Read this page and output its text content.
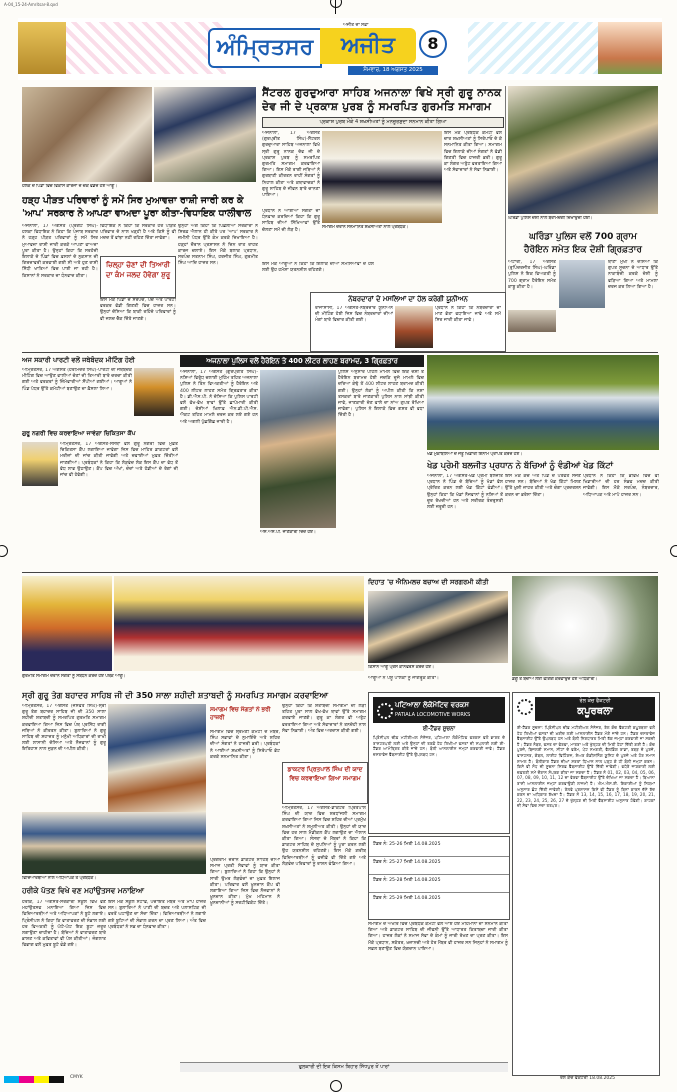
A-04_15-24-Amritsar-8.qxd
ਅੰਮ੍ਰਿਤਸਰ	ਅਜੀਤ
ਅਜੀਤ ਦਾ ਸਫ਼ਾ
ਸੋਮਵਾਰ, 18 ਅਗਸਤ 2025
8
ਹਲਕੇ ਦੇ ਪਿੰਡਾਂ ਵਿਚ ਵਿਕਾਸ ਕਾਰਜਾਂ ਦੇ ਚੈੱਕ ਵੰਡਦੇ ਹੋਏ ਆਗੂ।
ਸੈਂਟਰਲ ਗੁਰਦੁਆਰਾ ਸਾਹਿਬ ਅਜਨਾਲਾ ਵਿਖੇ ਸ੍ਰੀ ਗੁਰੂ ਨਾਨਕ
ਦੇਵ ਜੀ ਦੇ ਪ੍ਰਕਾਸ਼ ਪੁਰਬ ਨੂੰ ਸਮਰਪਿਤ ਗੁਰਮਤਿ ਸਮਾਗਮ
ਪ੍ਰਕਾਸ਼ ਪੁਰਬ ਮੌਕੇ 4 ਸ਼ਖ਼ਸੀਅਤਾਂ ਨੂੰ ਮਨਜ਼ੂਰਸ਼ੁਦਾ ਸਨਮਾਨ ਕੀਤਾ ਗਿਆ
ਅਜਨਾਲਾ, 17 ਅਗਸਤ (ਗੁਰਪ੍ਰੀਤ ਸਿੰਘ)-ਸੈਂਟਰਲ ਗੁਰਦੁਆਰਾ ਸਾਹਿਬ ਅਜਨਾਲਾ ਵਿਖੇ ਸ੍ਰੀ ਗੁਰੂ ਨਾਨਕ ਦੇਵ ਜੀ ਦੇ ਪ੍ਰਕਾਸ਼ ਪੁਰਬ ਨੂੰ ਸਮਰਪਿਤ ਗੁਰਮਤਿ ਸਮਾਗਮ ਕਰਵਾਇਆ ਗਿਆ। ਇਸ ਮੌਕੇ ਰਾਗੀ ਜਥਿਆਂ ਨੇ ਗੁਰਬਾਣੀ ਕੀਰਤਨ ਰਾਹੀਂ ਸੰਗਤਾਂ ਨੂੰ ਨਿਹਾਲ ਕੀਤਾ ਅਤੇ ਕਥਾਵਾਚਕਾਂ ਨੇ ਗੁਰੂ ਸਾਹਿਬ ਦੇ ਜੀਵਨ ਬਾਰੇ ਚਾਨਣਾ ਪਾਇਆ।
ਇਸ ਮੌਕੇ ਪ੍ਰਬੰਧਕ ਕਮੇਟੀ ਵਲੋਂ ਚਾਰ ਸ਼ਖ਼ਸੀਅਤਾਂ ਨੂੰ ਸਿਰੋਪਾਓ ਦੇ ਕੇ ਸਨਮਾਨਿਤ ਕੀਤਾ ਗਿਆ। ਸਮਾਗਮ ਵਿਚ ਇਲਾਕੇ ਦੀਆਂ ਸੰਗਤਾਂ ਨੇ ਵੱਡੀ ਗਿਣਤੀ ਵਿਚ ਹਾਜ਼ਰੀ ਭਰੀ। ਗੁਰੂ ਕਾ ਲੰਗਰ ਅਤੁੱਟ ਵਰਤਾਇਆ ਗਿਆ ਅਤੇ ਸੇਵਾਦਾਰਾਂ ਨੇ ਸੇਵਾ ਨਿਭਾਈ।
ਪ੍ਰਧਾਨ ਨੇ ਆਈਆਂ ਸੰਗਤਾਂ ਦਾ ਧੰਨਵਾਦ ਕਰਦਿਆਂ ਕਿਹਾ ਕਿ ਗੁਰੂ ਸਾਹਿਬ ਦੀਆਂ ਸਿੱਖਿਆਵਾਂ ਉੱਤੇ ਚੱਲਣਾ ਸਮੇਂ ਦੀ ਲੋੜ ਹੈ।
ਸਮਾਗਮ ਦੌਰਾਨ ਸਨਮਾਨਿਤ ਸ਼ਖ਼ਸੀਅਤਾਂ ਨਾਲ ਪ੍ਰਬੰਧਕ।
ਘਰਿੰਡਾ ਪੁਲਿਸ ਦੋਸ਼ੀ ਨਾਲ ਬਰਾਮਦਗੀ ਦਿਖਾਉਂਦੀ ਹੋਈ।
ਘਰਿੰਡਾ ਪੁਲਿਸ ਵਲੋਂ 700 ਗ੍ਰਾਮ
ਹੈਰੋਇਨ ਸਮੇਤ ਇਕ ਦੋਸ਼ੀ ਗ੍ਰਿਫ਼ਤਾਰ
ਅਟਾਰੀ, 17 ਅਗਸਤ (ਰੁਪਿੰਦਰਜੀਤ ਸਿੰਘ)-ਘਰਿੰਡਾ ਪੁਲਿਸ ਨੇ ਇਕ ਵਿਅਕਤੀ ਨੂੰ 700 ਗ੍ਰਾਮ ਹੈਰੋਇਨ ਸਮੇਤ ਕਾਬੂ ਕੀਤਾ ਹੈ।
ਥਾਣਾ ਮੁਖੀ ਨੇ ਦੱਸਿਆ ਕਿ ਗੁਪਤ ਸੂਚਨਾ ਦੇ ਆਧਾਰ ਉੱਤੇ ਨਾਕਾਬੰਦੀ ਕਰਕੇ ਦੋਸ਼ੀ ਨੂੰ ਫੜਿਆ ਗਿਆ ਅਤੇ ਮਾਮਲਾ ਦਰਜ ਕਰ ਲਿਆ ਗਿਆ ਹੈ।
ਹੜ੍ਹ ਪੀੜਤ ਪਰਿਵਾਰਾਂ ਨੂੰ ਸਮੇਂ ਸਿਰ ਮੁਆਵਜ਼ਾ ਰਾਸ਼ੀ ਜਾਰੀ ਕਰ ਕੇ
'ਆਪ' ਸਰਕਾਰ ਨੇ ਆਪਣਾ ਵਾਅਦਾ ਪੂਰਾ ਕੀਤਾ-ਵਿਧਾਇਕ ਧਾਲੀਵਾਲ
ਅਜਨਾਲਾ, 17 ਅਗਸਤ (ਪ੍ਰਗਟ ਸਿੰਘ)-ਹਲਕਾ ਵਿਧਾਇਕ ਨੇ ਕਿਹਾ ਕਿ ਪੰਜਾਬ ਸਰਕਾਰ ਨੇ ਹੜ੍ਹ ਪੀੜਤ ਪਰਿਵਾਰਾਂ ਨੂੰ ਸਮੇਂ ਸਿਰ ਮੁਆਵਜ਼ਾ ਰਾਸ਼ੀ ਜਾਰੀ ਕਰਕੇ ਆਪਣਾ ਵਾਅਦਾ ਪੂਰਾ ਕੀਤਾ ਹੈ। ਉਨ੍ਹਾਂ ਕਿਹਾ ਕਿ ਸਰਹੱਦੀ ਇਲਾਕੇ ਦੇ ਪਿੰਡਾਂ ਵਿਚ ਫ਼ਸਲਾਂ ਦੇ ਨੁਕਸਾਨ ਦੀ ਗਿਰਦਾਵਰੀ ਕਰਵਾਈ ਗਈ ਸੀ ਅਤੇ ਹੁਣ ਰਾਸ਼ੀ ਸਿੱਧੀ ਖਾਤਿਆਂ ਵਿਚ ਪਾਈ ਜਾ ਰਹੀ ਹੈ। ਕਿਸਾਨਾਂ ਨੇ ਸਰਕਾਰ ਦਾ ਧੰਨਵਾਦ ਕੀਤਾ।
ਜ਼ਿਲ੍ਹਾ ਚੋਣਾਂ ਦੀ ਤਿਆਰੀ ਦਾ ਕੰਮ ਜਲਦ ਹੋਵੇਗਾ ਸ਼ੁਰੂ
ਵਿਧਾਇਕ ਨੇ ਕਿਹਾ ਕਿ ਸਰਕਾਰ ਹਰ ਪੀੜਤ ਪਰਿਵਾਰ ਦੇ ਨਾਲ ਖੜ੍ਹੀ ਹੈ ਅਤੇ ਕਿਸੇ ਨੂੰ ਵੀ ਮਦਦ ਤੋਂ ਵਾਂਝਾ ਨਹੀਂ ਰਹਿਣ ਦਿੱਤਾ ਜਾਵੇਗਾ।
ਇਸ ਮੌਕੇ ਪਿੰਡਾਂ ਦੇ ਸਰਪੰਚ, ਪੰਚ ਅਤੇ ਪਾਰਟੀ ਵਰਕਰ ਵੱਡੀ ਗਿਣਤੀ ਵਿਚ ਹਾਜ਼ਰ ਸਨ। ਉਨ੍ਹਾਂ ਦੱਸਿਆ ਕਿ ਬਾਕੀ ਰਹਿੰਦੇ ਪਰਿਵਾਰਾਂ ਨੂੰ ਵੀ ਜਲਦ ਚੈੱਕ ਦਿੱਤੇ ਜਾਣਗੇ।
ਉਨ੍ਹਾਂ ਅੱਗੇ ਕਿਹਾ ਕਿ ਪਿਛਲੀਆਂ ਸਰਕਾਰਾਂ ਨੇ ਸਿਰਫ਼ ਐਲਾਨ ਹੀ ਕੀਤੇ ਪਰ 'ਆਪ' ਸਰਕਾਰ ਨੇ ਜ਼ਮੀਨੀ ਪੱਧਰ ਉੱਤੇ ਕੰਮ ਕਰਕੇ ਦਿਖਾਇਆ ਹੈ। ਹੜ੍ਹਾਂ ਦੌਰਾਨ ਪ੍ਰਸ਼ਾਸਨ ਨੇ ਦਿਨ ਰਾਤ ਰਾਹਤ ਕਾਰਜ ਚਲਾਏ। ਇਸ ਮੌਕੇ ਬਲਾਕ ਪ੍ਰਧਾਨ, ਸਰਪੰਚ ਸਤਨਾਮ ਸਿੰਘ, ਹਰਜੀਤ ਸਿੰਘ, ਗੁਰਮੀਤ ਸਿੰਘ ਆਦਿ ਹਾਜ਼ਰ ਸਨ।	ਇਸ ਮੌਕੇ ਆਗੂਆਂ ਨੇ ਕਿਹਾ ਕਿ ਇਲਾਕੇ ਦੀਆਂ ਸਮੱਸਿਆਵਾਂ ਦੇ ਹੱਲ ਲਈ ਉਹ ਹਮੇਸ਼ਾ ਯਤਨਸ਼ੀਲ ਰਹਿਣਗੇ।
ਨੰਬਰਦਾਰਾਂ ਦੇ ਮਸਲਿਆਂ ਦਾ ਹੱਲ ਕਰੇਗੀ ਯੂਨੀਅਨ
ਰਾਜਾਸਾਂਸੀ, 17 ਅਗਸਤ-ਨੰਬਰਦਾਰ ਯੂਨੀਅਨ ਦੀ ਮੀਟਿੰਗ ਹੋਈ ਜਿਸ ਵਿਚ ਨੰਬਰਦਾਰਾਂ ਦੀਆਂ ਮੰਗਾਂ ਬਾਰੇ ਵਿਚਾਰ ਕੀਤੀ ਗਈ।
ਪ੍ਰਧਾਨ ਨੇ ਕਿਹਾ ਕਿ ਨੰਬਰਦਾਰਾਂ ਦਾ ਮਾਣ ਭੱਤਾ ਵਧਾਇਆ ਜਾਵੇ ਅਤੇ ਸਮੇਂ ਸਿਰ ਜਾਰੀ ਕੀਤਾ ਜਾਵੇ।
ਅਜ ਸਕਾਰੀ ਪਾਰਟੀ ਵਲੋਂ ਜਥੇਬੰਦਕ ਮੀਟਿੰਗ ਹੋਈ
ਅੰਮ੍ਰਿਤਸਰ, 17 ਅਗਸਤ (ਹਰਮਿੰਦਰ ਸਿੰਘ)-ਪਾਰਟੀ ਦੀ ਜਥੇਬੰਦਕ ਮੀਟਿੰਗ ਵਿਚ ਆਉਣ ਵਾਲੀਆਂ ਚੋਣਾਂ ਦੀ ਤਿਆਰੀ ਬਾਰੇ ਚਰਚਾ ਕੀਤੀ ਗਈ ਅਤੇ ਵਰਕਰਾਂ ਨੂੰ ਜ਼ਿੰਮੇਵਾਰੀਆਂ ਸੌਂਪੀਆਂ ਗਈਆਂ। ਆਗੂਆਂ ਨੇ ਪਿੰਡ ਪੱਧਰ ਉੱਤੇ ਕਮੇਟੀਆਂ ਬਣਾਉਣ ਦਾ ਫ਼ੈਸਲਾ ਲਿਆ।
ਗੁਰੂ ਨਗਰੀ ਵਿਚ ਕਰਵਾਇਆ ਜਾਵੇਗਾ ਚਿਕਿਤਸਾ ਕੈਂਪ
ਅੰਮ੍ਰਿਤਸਰ, 17 ਅਗਸਤ-ਸੰਸਥਾ ਵਲੋਂ ਗੁਰੂ ਨਗਰੀ ਵਿਚ ਮੁਫ਼ਤ ਚਿਕਿਤਸਾ ਕੈਂਪ ਲਗਾਇਆ ਜਾਵੇਗਾ ਜਿਸ ਵਿਚ ਮਾਹਿਰ ਡਾਕਟਰਾਂ ਵਲੋਂ ਮਰੀਜ਼ਾਂ ਦੀ ਜਾਂਚ ਕੀਤੀ ਜਾਵੇਗੀ ਅਤੇ ਦਵਾਈਆਂ ਮੁਫ਼ਤ ਦਿੱਤੀਆਂ ਜਾਣਗੀਆਂ। ਪ੍ਰਬੰਧਕਾਂ ਨੇ ਕਿਹਾ ਕਿ ਲੋੜਵੰਦ ਲੋਕ ਇਸ ਕੈਂਪ ਦਾ ਵੱਧ ਤੋਂ ਵੱਧ ਲਾਭ ਉਠਾਉਣ। ਕੈਂਪ ਵਿਚ ਅੱਖਾਂ, ਦੰਦਾਂ ਅਤੇ ਹੱਡੀਆਂ ਦੇ ਰੋਗਾਂ ਦੀ ਜਾਂਚ ਵੀ ਹੋਵੇਗੀ।
ਅਜਨਾਲਾ ਪੁਲਿਸ ਵਲੋਂ ਹੈਰੋਇਨ ਤੇ 400 ਲੀਟਰ ਲਾਹਣ ਬਰਾਮਦ, 3 ਗ੍ਰਿਫ਼ਤਾਰ
ਅਜਨਾਲਾ, 17 ਅਗਸਤ (ਗੁਰਪ੍ਰੀਤ ਸਿੰਘ)-ਨਸ਼ਿਆਂ ਵਿਰੁੱਧ ਚਲਾਈ ਮੁਹਿੰਮ ਤਹਿਤ ਅਜਨਾਲਾ ਪੁਲਿਸ ਨੇ ਤਿੰਨ ਵਿਅਕਤੀਆਂ ਨੂੰ ਹੈਰੋਇਨ ਅਤੇ 400 ਲੀਟਰ ਲਾਹਣ ਸਮੇਤ ਗ੍ਰਿਫ਼ਤਾਰ ਕੀਤਾ ਹੈ। ਡੀ.ਐਸ.ਪੀ. ਨੇ ਦੱਸਿਆ ਕਿ ਪੁਲਿਸ ਪਾਰਟੀ ਵਲੋਂ ਵੱਖ-ਵੱਖ ਥਾਵਾਂ ਉੱਤੇ ਛਾਪੇਮਾਰੀ ਕੀਤੀ ਗਈ। ਦੋਸ਼ੀਆਂ ਖ਼ਿਲਾਫ਼ ਐਨ.ਡੀ.ਪੀ.ਐਸ. ਐਕਟ ਤਹਿਤ ਮਾਮਲੇ ਦਰਜ ਕਰ ਲਏ ਗਏ ਹਨ ਅਤੇ ਅਗਲੀ ਪੁੱਛਗਿੱਛ ਜਾਰੀ ਹੈ।
ਐਸ.ਐਸ.ਪੀ. ਜਾਣਕਾਰੀ ਦਿੰਦੇ ਹੋਏ।
ਪੁਲਿਸ ਅਨੁਸਾਰ ਪਹਿਲੇ ਮਾਮਲੇ ਵਿਚ ਇਕ ਦੋਸ਼ੀ ਤੋਂ ਹੈਰੋਇਨ ਬਰਾਮਦ ਹੋਈ ਜਦਕਿ ਦੂਜੇ ਮਾਮਲੇ ਵਿਚ ਦਰਿਆ ਕੰਢੇ ਤੋਂ 400 ਲੀਟਰ ਲਾਹਣ ਬਰਾਮਦ ਕੀਤੀ ਗਈ। ਉਨ੍ਹਾਂ ਲੋਕਾਂ ਨੂੰ ਅਪੀਲ ਕੀਤੀ ਕਿ ਨਸ਼ਾ ਤਸਕਰਾਂ ਬਾਰੇ ਜਾਣਕਾਰੀ ਪੁਲਿਸ ਨਾਲ ਸਾਂਝੀ ਕੀਤੀ ਜਾਵੇ, ਜਾਣਕਾਰੀ ਦੇਣ ਵਾਲੇ ਦਾ ਨਾਂਅ ਗੁਪਤ ਰੱਖਿਆ ਜਾਵੇਗਾ। ਪੁਲਿਸ ਨੇ ਇਲਾਕੇ ਵਿਚ ਗਸ਼ਤ ਵੀ ਵਧਾ ਦਿੱਤੀ ਹੈ।
ਖੇਡ ਮੁਕਾਬਲਿਆਂ ਦੇ ਜੇਤੂ ਖਿਡਾਰੀ ਇਨਾਮ ਪ੍ਰਾਪਤ ਕਰਦੇ ਹੋਏ।
ਖੇਡ ਪ੍ਰੇਮੀ ਬਲਜੀਤ ਪ੍ਰਧਾਨ ਨੇ ਬੱਚਿਆਂ ਨੂੰ ਵੰਡੀਆਂ ਖੇਡ ਕਿੱਟਾਂ
ਅਜਨਾਲਾ, 17 ਅਗਸਤ-ਖੇਡ ਪ੍ਰੇਮੀ ਬਲਜੀਤ ਪ੍ਰਧਾਨ ਨੇ ਪਿੰਡ ਦੇ ਬੱਚਿਆਂ ਨੂੰ ਖੇਡਾਂ ਵੱਲ ਪ੍ਰੇਰਿਤ ਕਰਨ ਲਈ ਖੇਡ ਕਿੱਟਾਂ ਵੰਡੀਆਂ। ਉਨ੍ਹਾਂ ਕਿਹਾ ਕਿ ਖੇਡਾਂ ਨੌਜਵਾਨਾਂ ਨੂੰ ਨਸ਼ਿਆਂ ਤੋਂ ਦੂਰ ਰੱਖਦੀਆਂ ਹਨ ਅਤੇ ਸਰੀਰਕ ਤੰਦਰੁਸਤੀ ਲਈ ਜ਼ਰੂਰੀ ਹਨ।
ਇਸ ਮੌਕੇ ਕੋਚ ਅਤੇ ਪਿੰਡ ਦੇ ਪਤਵੰਤੇ ਸੱਜਣ ਹਾਜ਼ਰ ਸਨ। ਬੱਚਿਆਂ ਨੇ ਖੇਡ ਕਿੱਟਾਂ ਮਿਲਣ ਉੱਤੇ ਖ਼ੁਸ਼ੀ ਜ਼ਾਹਰ ਕੀਤੀ ਅਤੇ ਚੰਗਾ ਪ੍ਰਦਰਸ਼ਨ ਕਰਨ ਦਾ ਭਰੋਸਾ ਦਿੱਤਾ।
ਪ੍ਰਧਾਨ ਨੇ ਕਿਹਾ ਕਿ ਭਵਿੱਖ ਵਿਚ ਵੀ ਖਿਡਾਰੀਆਂ ਦੀ ਹਰ ਸੰਭਵ ਮਦਦ ਕੀਤੀ ਜਾਵੇਗੀ। ਇਸ ਮੌਕੇ ਸਰਪੰਚ, ਨੰਬਰਦਾਰ, ਅਧਿਆਪਕ ਅਤੇ ਮਾਪੇ ਹਾਜ਼ਰ ਸਨ।
ਗੁਰਮਤਿ ਸਮਾਗਮ ਦੌਰਾਨ ਸੰਗਤਾਂ ਨੂੰ ਸੰਬੋਧਨ ਕਰਦੇ ਹੋਏ ਪੰਥਕ ਆਗੂ।
ਦਿਹਾਤ 'ਚ ਐਨਿਮਲਜ਼ ਬਚਾਅ ਦੀ ਸਰਗਰਮੀ ਕੀਤੀ
ਕਿਸਾਨ ਆਗੂ ਪ੍ਰੈੱਸ ਕਾਨਫਰੰਸ ਕਰਦੇ ਹੋਏ।
ਆਗੂਆਂ ਨੇ ਪਸ਼ੂ ਪਾਲਕਾਂ ਨੂੰ ਜਾਗਰੂਕ ਕੀਤਾ।	ਡੇਂਗੂ ਤੋਂ ਬਚਾਅ ਲਈ ਫੌਗਿੰਗ ਕਰਵਾਉਂਦੇ ਹੋਏ ਅਧਿਕਾਰੀ।
ਸ੍ਰੀ ਗੁਰੂ ਤੇਗ ਬਹਾਦਰ ਸਾਹਿਬ ਜੀ ਦੀ 350 ਸਾਲਾ ਸ਼ਹੀਦੀ ਸ਼ਤਾਬਦੀ ਨੂੰ ਸਮਰਪਿਤ ਸਮਾਗਮ ਕਰਵਾਇਆ
ਅੰਮ੍ਰਿਤਸਰ, 17 ਅਗਸਤ (ਜਸਵੰਤ ਸਿੰਘ)-ਸ੍ਰੀ ਗੁਰੂ ਤੇਗ ਬਹਾਦਰ ਸਾਹਿਬ ਜੀ ਦੀ 350 ਸਾਲਾ ਸ਼ਹੀਦੀ ਸ਼ਤਾਬਦੀ ਨੂੰ ਸਮਰਪਿਤ ਗੁਰਮਤਿ ਸਮਾਗਮ ਕਰਵਾਇਆ ਗਿਆ ਜਿਸ ਵਿਚ ਪੰਥ ਪ੍ਰਸਿੱਧ ਰਾਗੀ ਜਥਿਆਂ ਨੇ ਕੀਰਤਨ ਕੀਤਾ। ਬੁਲਾਰਿਆਂ ਨੇ ਗੁਰੂ ਸਾਹਿਬ ਦੀ ਸ਼ਹਾਦਤ ਨੂੰ ਮਨੁੱਖੀ ਅਧਿਕਾਰਾਂ ਦੀ ਰਾਖੀ ਲਈ ਲਾਸਾਨੀ ਦੱਸਿਆ ਅਤੇ ਨੌਜਵਾਨਾਂ ਨੂੰ ਗੁਰੂ ਇਤਿਹਾਸ ਨਾਲ ਜੁੜਨ ਦੀ ਅਪੀਲ ਕੀਤੀ।
ਸਮਾਗਮ ਵਿਚ ਸੰਗਤਾਂ ਨੇ ਭਰੀ ਹਾਜ਼ਰੀ
ਸਮਾਗਮ ਵਿਚ ਸ਼੍ਰੋਮਣੀ ਕਮੇਟੀ ਦੇ ਮੈਂਬਰ, ਸਿੰਘ ਸਭਾਵਾਂ ਦੇ ਨੁਮਾਇੰਦੇ ਅਤੇ ਸ਼ਹਿਰ ਦੀਆਂ ਸੰਗਤਾਂ ਨੇ ਹਾਜ਼ਰੀ ਭਰੀ। ਪ੍ਰਬੰਧਕਾਂ ਨੇ ਆਈਆਂ ਸ਼ਖ਼ਸੀਅਤਾਂ ਨੂੰ ਸਿਰੋਪਾਓ ਭੇਟ ਕਰਕੇ ਸਨਮਾਨਿਤ ਕੀਤਾ।
ਉਨ੍ਹਾਂ ਕਿਹਾ ਕਿ ਸ਼ਤਾਬਦੀ ਸਮਾਗਮਾਂ ਦੀ ਲੜੀ ਤਹਿਤ ਪੂਰਾ ਸਾਲ ਵੱਖ-ਵੱਖ ਥਾਵਾਂ ਉੱਤੇ ਸਮਾਗਮ ਕਰਵਾਏ ਜਾਣਗੇ। ਗੁਰੂ ਕਾ ਲੰਗਰ ਵੀ ਅਤੁੱਟ ਵਰਤਾਇਆ ਗਿਆ ਅਤੇ ਸੇਵਾਦਾਰਾਂ ਨੇ ਤਨਦੇਹੀ ਨਾਲ ਸੇਵਾ ਨਿਭਾਈ। ਅੰਤ ਵਿਚ ਅਰਦਾਸ ਕੀਤੀ ਗਈ।
ਰੇਲ ਕੋਚ ਫੈਕਟਰੀ
ਕਪੂਰਥਲਾ
ਈ-ਟੈਂਡਰ ਸੂਚਨਾ: ਪ੍ਰਿੰਸੀਪਲ ਚੀਫ਼ ਮਟੀਰੀਅਲ ਮੈਨੇਜਰ, ਰੇਲ ਕੋਚ ਫੈਕਟਰੀ ਕਪੂਰਥਲਾ ਵਲੋਂ ਹੇਠ ਲਿਖੀਆਂ ਵਸਤਾਂ ਦੀ ਖ਼ਰੀਦ ਲਈ ਆਨਲਾਈਨ ਟੈਂਡਰ ਮੰਗੇ ਜਾਂਦੇ ਹਨ। ਟੈਂਡਰ ਦਸਤਾਵੇਜ਼ ਵੈੱਬਸਾਈਟ ਉੱਤੇ ਉਪਲਬਧ ਹਨ ਅਤੇ ਬੋਲੀ ਨਿਰਧਾਰਤ ਮਿਤੀ ਤੱਕ ਜਮ੍ਹਾਂ ਕਰਵਾਈ ਜਾ ਸਕਦੀ ਹੈ। ਟੈਂਡਰ ਨੰਬਰ, ਵਸਤ ਦਾ ਵੇਰਵਾ, ਮਾਤਰਾ ਅਤੇ ਖੁੱਲ੍ਹਣ ਦੀ ਮਿਤੀ ਹੇਠਾਂ ਦਿੱਤੀ ਗਈ ਹੈ। ਕੋਚ ਪੁਰਜ਼ੇ, ਬਿਜਲਈ ਸਮਾਨ, ਸੀਟਾਂ ਦੇ ਫਰੇਮ, ਪੇਂਟ ਸਮਗਰੀ, ਵੈਲਡਿੰਗ ਰਾਡਾਂ, ਰਬੜ ਦੇ ਪੁਰਜ਼ੇ, ਫਾਸਟਨਰ, ਕੇਬਲ, ਲਾਈਟ ਫਿਟਿੰਗਜ਼, ਏਅਰ ਕੰਡੀਸ਼ਨਿੰਗ ਯੂਨਿਟ ਦੇ ਪੁਰਜ਼ੇ ਅਤੇ ਹੋਰ ਸਮਾਨ ਸ਼ਾਮਲ ਹੈ। ਬੋਲੀਕਾਰ ਟੈਂਡਰ ਦੀਆਂ ਸ਼ਰਤਾਂ ਧਿਆਨ ਨਾਲ ਪੜ੍ਹ ਕੇ ਹੀ ਬੋਲੀ ਜਮ੍ਹਾਂ ਕਰਨ। ਕਿਸੇ ਵੀ ਸੋਧ ਦੀ ਸੂਚਨਾ ਸਿਰਫ਼ ਵੈੱਬਸਾਈਟ ਉੱਤੇ ਦਿੱਤੀ ਜਾਵੇਗੀ। ਵਧੇਰੇ ਜਾਣਕਾਰੀ ਲਈ ਦਫ਼ਤਰੀ ਸਮੇਂ ਦੌਰਾਨ ਸੰਪਰਕ ਕੀਤਾ ਜਾ ਸਕਦਾ ਹੈ। ਟੈਂਡਰ ਨੰ 01, 02, 03, 04, 05, 06, 07, 08, 09, 10, 11, 12 ਦਾ ਵੇਰਵਾ ਵੈੱਬਸਾਈਟ ਉੱਤੇ ਦੇਖਿਆ ਜਾ ਸਕਦਾ ਹੈ। ਬਿਆਨਾ ਰਾਸ਼ੀ ਆਨਲਾਈਨ ਜਮ੍ਹਾਂ ਕਰਵਾਉਣੀ ਲਾਜ਼ਮੀ ਹੈ। ਐਮ.ਐਸ.ਈ. ਇਕਾਈਆਂ ਨੂੰ ਨਿਯਮਾਂ ਅਨੁਸਾਰ ਛੋਟ ਦਿੱਤੀ ਜਾਵੇਗੀ। ਰੇਲਵੇ ਪ੍ਰਸ਼ਾਸਨ ਕਿਸੇ ਵੀ ਟੈਂਡਰ ਨੂੰ ਬਿਨਾਂ ਕਾਰਨ ਦੱਸੇ ਰੱਦ ਕਰਨ ਦਾ ਅਧਿਕਾਰ ਰੱਖਦਾ ਹੈ। ਟੈਂਡਰ ਨੰ 13, 14, 15, 16, 17, 18, 19, 20, 21, 22, 23, 24, 25, 26, 27 ਦੇ ਖੁੱਲ੍ਹਣ ਦੀ ਮਿਤੀ ਵੈੱਬਸਾਈਟ ਅਨੁਸਾਰ ਹੋਵੇਗੀ। ਗਾਹਕਾਂ ਦੀ ਸੇਵਾ ਵਿਚ ਸਦਾ ਤਤਪਰ।
ਪਟਿਆਲਾ ਲੋਕੋਮੋਟਿਵ ਵਰਕਸ
PATIALA LOCOMOTIVE WORKS
ਈ-ਟੈਂਡਰ ਸੂਚਨਾ
ਪ੍ਰਿੰਸੀਪਲ ਚੀਫ਼ ਮਟੀਰੀਅਲ ਮੈਨੇਜਰ, ਪਟਿਆਲਾ ਲੋਕੋਮੋਟਿਵ ਵਰਕਸ ਵਲੋਂ ਭਾਰਤ ਦੇ ਰਾਸ਼ਟਰਪਤੀ ਲਈ ਅਤੇ ਉਨ੍ਹਾਂ ਦੀ ਤਰਫ਼ੋਂ ਹੇਠ ਲਿਖੀਆਂ ਵਸਤਾਂ ਦੀ ਸਪਲਾਈ ਲਈ ਈ-ਟੈਂਡਰ ਆਮੰਤ੍ਰਿਤ ਕੀਤੇ ਜਾਂਦੇ ਹਨ। ਬੋਲੀ ਆਨਲਾਈਨ ਜਮ੍ਹਾਂ ਕਰਵਾਈ ਜਾਵੇ। ਟੈਂਡਰ ਦਸਤਾਵੇਜ਼ ਵੈੱਬਸਾਈਟ ਉੱਤੇ ਉਪਲਬਧ ਹਨ।
ਟੈਂਡਰ ਨੰ: 25-26 ਮਿਤੀ 14.08.2025
ਟੈਂਡਰ ਨੰ: 25-27 ਮਿਤੀ 14.08.2025
ਟੈਂਡਰ ਨੰ: 25-28 ਮਿਤੀ 14.08.2025
ਟੈਂਡਰ ਨੰ: 25-29 ਮਿਤੀ 14.08.2025
ਡਾਕਟਰ ਪ੍ਰਿਤਪਾਲ ਸਿੰਘ ਦੀ ਯਾਦ ਵਿਚ ਕਰਵਾਇਆ ਗਿਆ ਸਮਾਗਮ
ਵਿਦਿਆਰਥੀਆਂ ਨਾਲ ਅਧਿਆਪਕ ਤੇ ਪ੍ਰਬੰਧਕ।
ਹਰੀਕੇ ਪੱਤਣ ਵਿਖੇ ਵਣ ਮਹਾਂਉਤਸਵ ਮਨਾਇਆ
ਹਰੀਕੇ, 17 ਅਗਸਤ-ਸਰਕਾਰੀ ਸਕੂਲ ਵਿਖੇ ਵਣ ਮਹਾਂਉਤਸਵ ਮਨਾਇਆ ਗਿਆ ਜਿਸ ਵਿਚ ਵਿਦਿਆਰਥੀਆਂ ਅਤੇ ਅਧਿਆਪਕਾਂ ਨੇ ਬੂਟੇ ਲਗਾਏ। ਪ੍ਰਿੰਸੀਪਲ ਨੇ ਕਿਹਾ ਕਿ ਵਾਤਾਵਰਣ ਦੀ ਸੰਭਾਲ ਲਈ ਹਰ ਵਿਅਕਤੀ ਨੂੰ ਘੱਟੋ-ਘੱਟ ਇਕ ਬੂਟਾ ਜ਼ਰੂਰ ਲਗਾਉਣਾ ਚਾਹੀਦਾ ਹੈ। ਬੱਚਿਆਂ ਨੇ ਵਾਤਾਵਰਣ ਬਾਰੇ ਭਾਸ਼ਣ ਅਤੇ ਕਵਿਤਾਵਾਂ ਵੀ ਪੇਸ਼ ਕੀਤੀਆਂ। ਜੰਗਲਾਤ ਵਿਭਾਗ ਵਲੋਂ ਮੁਫ਼ਤ ਬੂਟੇ ਵੰਡੇ ਗਏ।
ਇਸ ਮੌਕੇ ਸਕੂਲ ਸਟਾਫ਼, ਪੰਚਾਇਤ ਮੈਂਬਰ ਅਤੇ ਮਾਪੇ ਹਾਜ਼ਰ ਸਨ। ਬੁਲਾਰਿਆਂ ਨੇ ਪਾਣੀ ਦੀ ਬਚਤ ਅਤੇ ਪਲਾਸਟਿਕ ਦੀ ਵਰਤੋਂ ਘਟਾਉਣ ਦਾ ਸੱਦਾ ਦਿੱਤਾ। ਵਿਦਿਆਰਥੀਆਂ ਨੇ ਲਗਾਏ ਗਏ ਬੂਟਿਆਂ ਦੀ ਸੰਭਾਲ ਕਰਨ ਦਾ ਪ੍ਰਣ ਲਿਆ। ਅੰਤ ਵਿਚ ਪ੍ਰਬੰਧਕਾਂ ਨੇ ਸਭ ਦਾ ਧੰਨਵਾਦ ਕੀਤਾ।
ਪ੍ਰੋਗਰਾਮ ਦੌਰਾਨ ਡਾਕਟਰ ਸਾਹਿਬ ਦੀਆਂ ਸਮਾਜ ਪ੍ਰਤੀ ਸੇਵਾਵਾਂ ਨੂੰ ਯਾਦ ਕੀਤਾ ਗਿਆ। ਬੁਲਾਰਿਆਂ ਨੇ ਕਿਹਾ ਕਿ ਉਨ੍ਹਾਂ ਨੇ ਸਾਰੀ ਉਮਰ ਲੋੜਵੰਦਾਂ ਦਾ ਮੁਫ਼ਤ ਇਲਾਜ ਕੀਤਾ। ਪਰਿਵਾਰ ਵਲੋਂ ਖ਼ੂਨਦਾਨ ਕੈਂਪ ਵੀ ਲਗਾਇਆ ਗਿਆ ਜਿਸ ਵਿਚ ਨੌਜਵਾਨਾਂ ਨੇ ਖ਼ੂਨਦਾਨ ਕੀਤਾ। ਮੁੱਖ ਮਹਿਮਾਨ ਨੇ ਖ਼ੂਨਦਾਨੀਆਂ ਨੂੰ ਸਰਟੀਫਿਕੇਟ ਦਿੱਤੇ।
ਅੰਮ੍ਰਿਤਸਰ, 17 ਅਗਸਤ-ਡਾਕਟਰ ਪ੍ਰਿਤਪਾਲ ਸਿੰਘ ਦੀ ਯਾਦ ਵਿਚ ਸ਼ਰਧਾਂਜਲੀ ਸਮਾਗਮ ਕਰਵਾਇਆ ਗਿਆ ਜਿਸ ਵਿਚ ਸ਼ਹਿਰ ਦੀਆਂ ਪ੍ਰਮੁੱਖ ਸ਼ਖ਼ਸੀਅਤਾਂ ਨੇ ਸ਼ਮੂਲੀਅਤ ਕੀਤੀ। ਉਨ੍ਹਾਂ ਦੀ ਯਾਦ ਵਿਚ ਹਰ ਸਾਲ ਮੈਡੀਕਲ ਕੈਂਪ ਲਗਾਉਣ ਦਾ ਐਲਾਨ ਕੀਤਾ ਗਿਆ। ਸੰਸਥਾ ਦੇ ਮੈਂਬਰਾਂ ਨੇ ਕਿਹਾ ਕਿ ਡਾਕਟਰ ਸਾਹਿਬ ਦੇ ਸੁਪਨਿਆਂ ਨੂੰ ਪੂਰਾ ਕਰਨ ਲਈ ਉਹ ਯਤਨਸ਼ੀਲ ਰਹਿਣਗੇ। ਇਸ ਮੌਕੇ ਗ਼ਰੀਬ ਵਿਦਿਆਰਥੀਆਂ ਨੂੰ ਵਜ਼ੀਫ਼ੇ ਵੀ ਦਿੱਤੇ ਗਏ ਅਤੇ ਲੋੜਵੰਦ ਪਰਿਵਾਰਾਂ ਨੂੰ ਰਾਸ਼ਨ ਵੰਡਿਆ ਗਿਆ।
ਸਮਾਗਮ ਦੇ ਅਖੀਰ ਵਿਚ ਪ੍ਰਬੰਧਕ ਕਮੇਟੀ ਵਲੋਂ ਆਏ ਹੋਏ ਮਹਿਮਾਨਾਂ ਦਾ ਸਨਮਾਨ ਕੀਤਾ ਗਿਆ ਅਤੇ ਡਾਕਟਰ ਸਾਹਿਬ ਦੀ ਜੀਵਨੀ ਉੱਤੇ ਆਧਾਰਤ ਕਿਤਾਬਚਾ ਜਾਰੀ ਕੀਤਾ ਗਿਆ। ਹਾਜ਼ਰ ਲੋਕਾਂ ਨੇ ਸਮਾਜ ਸੇਵਾ ਦੇ ਕੰਮਾਂ ਨੂੰ ਜਾਰੀ ਰੱਖਣ ਦਾ ਪ੍ਰਣ ਕੀਤਾ। ਇਸ ਮੌਕੇ ਪ੍ਰਧਾਨ, ਸਕੱਤਰ, ਖ਼ਜ਼ਾਨਚੀ ਅਤੇ ਹੋਰ ਮੈਂਬਰ ਵੀ ਹਾਜ਼ਰ ਸਨ ਜਿਨ੍ਹਾਂ ਨੇ ਸਮਾਗਮ ਨੂੰ ਸਫ਼ਲ ਬਣਾਉਣ ਵਿਚ ਯੋਗਦਾਨ ਪਾਇਆ।
ਫੁਲਕਾਰੀ ਦੀ ਇਕ ਕਿਸਮ ਬਿਹਾਰ ਸਿੱਧਪੁਰ ਤੋਂ ਪਾਰਾਂ
CMYK	ਰੇਲ ਕੋਚ ਫੈਕਟਰੀ 18.08.2025
